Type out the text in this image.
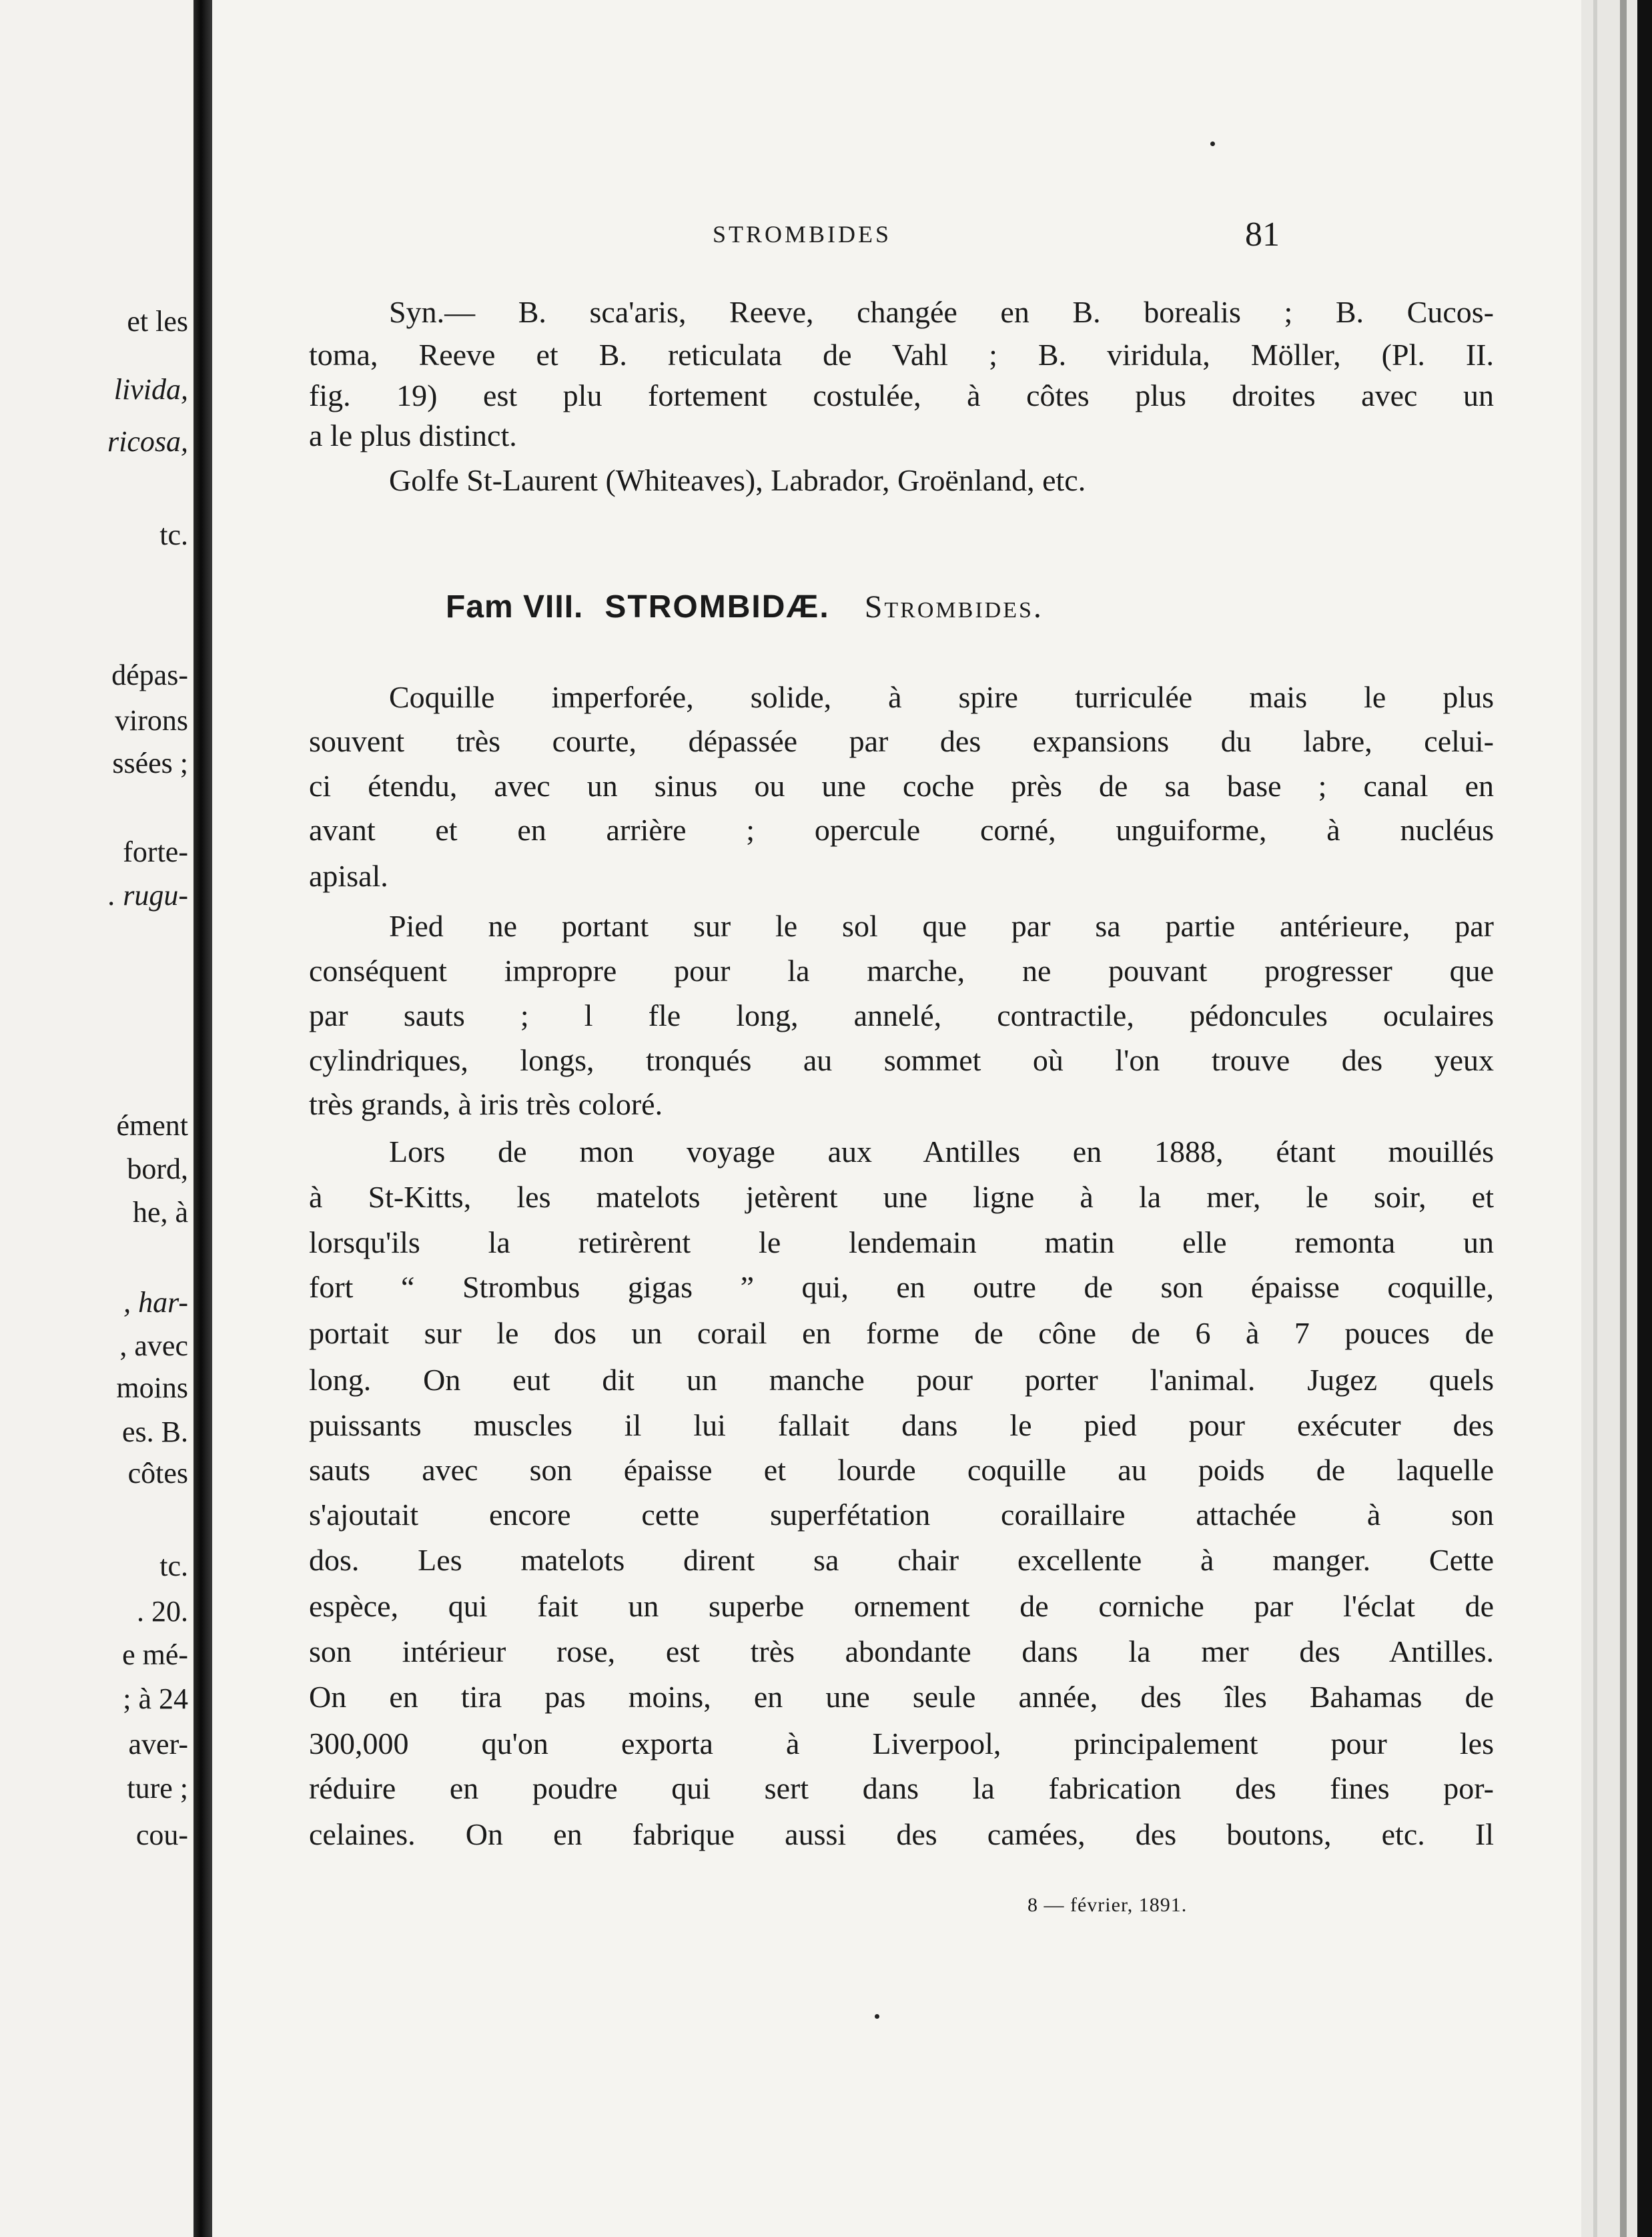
et les
livida,
ricosa,
tc.
dépas-
virons
ssées ;
forte-
. rugu-
ément
bord,
he, à
, har-
, avec
moins
es. B.
côtes
tc.
. 20.
e mé-
; à 24
aver-
ture ;
cou-
STROMBIDES	81
Syn.— B. sca'aris, Reeve, changée en B. borealis ; B. Cucos-
toma, Reeve et B. reticulata de Vahl ; B. viridula, Möller, (Pl. II.
fig. 19) est plu fortement costulée, à côtes plus droites avec un
a le plus distinct.
Golfe St-Laurent (Whiteaves), Labrador, Groënland, etc.
Fam VIII. STROMBIDÆ. Strombides.
Coquille imperforée, solide, à spire turriculée mais le plus
souvent très courte, dépassée par des expansions du labre, celui-
ci étendu, avec un sinus ou une coche près de sa base ; canal en
avant et en arrière ; opercule corné, unguiforme, à nucléus
apisal.
Pied ne portant sur le sol que par sa partie antérieure, par
conséquent impropre pour la marche, ne pouvant progresser que
par sauts ; l fle long, annelé, contractile, pédoncules oculaires
cylindriques, longs, tronqués au sommet où l'on trouve des yeux
très grands, à iris très coloré.
Lors de mon voyage aux Antilles en 1888, étant mouillés
à St-Kitts, les matelots jetèrent une ligne à la mer, le soir, et
lorsqu'ils la retirèrent le lendemain matin elle remonta un
fort “ Strombus gigas ” qui, en outre de son épaisse coquille,
portait sur le dos un corail en forme de cône de 6 à 7 pouces de
long. On eut dit un manche pour porter l'animal. Jugez quels
puissants muscles il lui fallait dans le pied pour exécuter des
sauts avec son épaisse et lourde coquille au poids de laquelle
s'ajoutait encore cette superfétation coraillaire attachée à son
dos. Les matelots dirent sa chair excellente à manger. Cette
espèce, qui fait un superbe ornement de corniche par l'éclat de
son intérieur rose, est très abondante dans la mer des Antilles.
On en tira pas moins, en une seule année, des îles Bahamas de
300,000 qu'on exporta à Liverpool, principalement pour les
réduire en poudre qui sert dans la fabrication des fines por-
celaines. On en fabrique aussi des camées, des boutons, etc. Il
8 — février, 1891.
